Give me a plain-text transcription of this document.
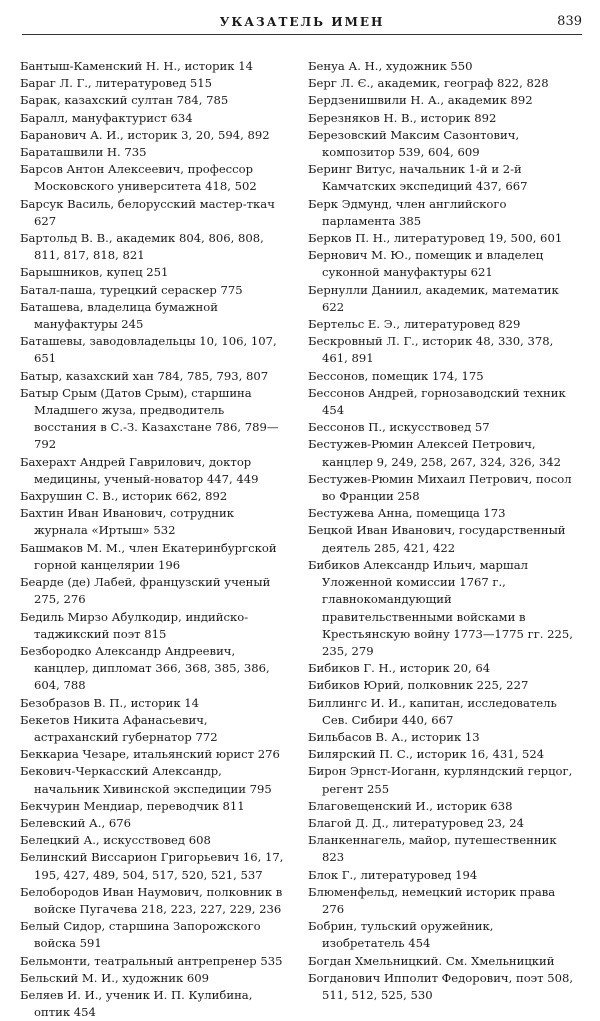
УКАЗАТЕЛЬ ИМЕН	839

Бантыш-Каменский Н. Н., историк 14

Бараг Л. Г., литературовед 515

Барак, казахский султан 784, 785

Баралл, мануфактурист 634

Баранович А. И., историк 3, 20, 594, 892

Бараташвили Н. 735

Барсов Антон Алексеевич, профессор Московского университета 418, 502

Барсук Василь, белорусский мастер-ткач 627

Бартольд В. В., академик 804, 806, 808, 811, 817, 818, 821

Барышников, купец 251

Батал-паша, турецкий сераскер 775

Баташева, владелица бумажной мануфактуры 245

Баташевы, заводовладельцы 10, 106, 107, 651

Батыр, казахский хан 784, 785, 793, 807

Батыр Срым (Датов Срым), старшина Младшего жуза, предводитель восстания в С.-З. Казахстане 786, 789—792

Бахерахт Андрей Гаврилович, доктор медицины, ученый-новатор 447, 449

Бахрушин С. В., историк 662, 892

Бахтин Иван Иванович, сотрудник журнала «Иртыш» 532

Башмаков М. М., член Екатеринбургской горной канцелярии 196

Беарде (де) Лабей, французский ученый 275, 276

Бедиль Мирзо Абулкодир, индийско-таджикский поэт 815

Безбородко Александр Андреевич, канцлер, дипломат 366, 368, 385, 386, 604, 788

Безобразов В. П., историк 14

Бекетов Никита Афанасьевич, астраханский губернатор 772

Беккариа Чезаре, итальянский юрист 276

Бекович-Черкасский Александр, начальник Хивинской экспедиции 795

Бекчурин Мендиар, переводчик 811

Белевский А., 676

Белецкий А., искусствовед 608

Белинский Виссарион Григорьевич 16, 17, 195, 427, 489, 504, 517, 520, 521, 537

Белобородов Иван Наумович, полковник в войске Пугачева 218, 223, 227, 229, 236

Белый Сидор, старшина Запорожского войска 591

Бельмонти, театральный антрепренер 535

Бельский М. И., художник 609

Беляев И. И., ученик И. П. Кулибина, оптик 454

Бенуа А. Н., художник 550

Берг Л. Є., академик, географ 822, 828

Бердзенишвили Н. А., академик 892

Березняков Н. В., историк 892

Березовский Максим Сазонтович, композитор 539, 604, 609

Беринг Витус, начальник 1-й и 2-й Камчатских экспедиций 437, 667

Берк Эдмунд, член английского парламента 385

Берков П. Н., литературовед 19, 500, 601

Бернович М. Ю., помещик и владелец суконной мануфактуры 621

Бернулли Даниил, академик, математик 622

Бертельс Е. Э., литературовед 829

Бескровный Л. Г., историк 48, 330, 378, 461, 891

Бессонов, помещик 174, 175

Бессонов Андрей, горнозаводский техник 454

Бессонов П., искусствовед 57

Бестужев-Рюмин Алексей Петрович, канцлер 9, 249, 258, 267, 324, 326, 342

Бестужев-Рюмин Михаил Петрович, посол во Франции 258

Бестужева Анна, помещица 173

Бецкой Иван Иванович, государственный деятель 285, 421, 422

Бибиков Александр Ильич, маршал Уложенной комиссии 1767 г., главнокомандующий правительственными войсками в Крестьянскую войну 1773—1775 гг. 225, 235, 279

Бибиков Г. Н., историк 20, 64

Бибиков Юрий, полковник 225, 227

Биллингс И. И., капитан, исследователь Сев. Сибири 440, 667

Бильбасов В. А., историк 13

Билярский П. С., историк 16, 431, 524

Бирон Эрнст-Иоганн, курляндский герцог, регент 255

Благовещенский И., историк 638

Благой Д. Д., литературовед 23, 24

Бланкеннагель, майор, путешественник 823

Блок Г., литературовед 194

Блюменфельд, немецкий историк права 276

Бобрин, тульский оружейник, изобретатель 454

Богдан Хмельницкий. См. Хмельницкий

Богданович Ипполит Федорович, поэт 508, 511, 512, 525, 530
